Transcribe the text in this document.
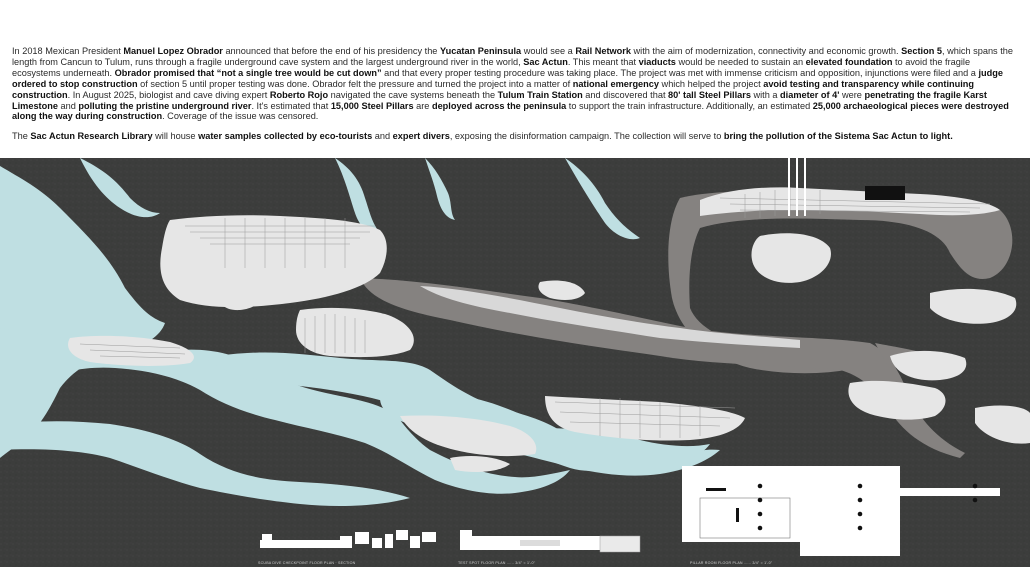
In 2018 Mexican President Manuel Lopez Obrador announced that before the end of his presidency the Yucatan Peninsula would see a Rail Network with the aim of modernization, connectivity and economic growth. Section 5, which spans the length from Cancun to Tulum, runs through a fragile underground cave system and the largest underground river in the world, Sac Actun. This meant that viaducts would be needed to sustain an elevated foundation to avoid the fragile ecosystems underneath. Obrador promised that “not a single tree would be cut down” and that every proper testing procedure was taking place. The project was met with immense criticism and opposition, injunctions were filed and a judge ordered to stop construction of section 5 until proper testing was done. Obrador felt the pressure and turned the project into a matter of national emergency which helped the project avoid testing and transparency while continuing construction. In August 2025, biologist and cave diving expert Roberto Rojo navigated the cave systems beneath the Tulum Train Station and discovered that 80' tall Steel Pillars with a diameter of 4' were penetrating the fragile Karst Limestone and polluting the pristine underground river. It's estimated that 15,000 Steel Pillars are deployed across the peninsula to support the train infrastructure. Additionally, an estimated 25,000 archaeological pieces were destroyed along the way during construction. Coverage of the issue was censored.

The Sac Actun Research Library will house water samples collected by eco-tourists and expert divers, exposing the disinformation campaign. The collection will serve to bring the pollution of the Sistema Sac Actun to light.

SCUBA DIVE CHECKPOINT FLOOR PLAN · SECTION	TEST SPOT FLOOR PLAN ...... 3/4" = 1'-0"	PILLAR ROOM FLOOR PLAN ...... 3/4" = 1'-0"
